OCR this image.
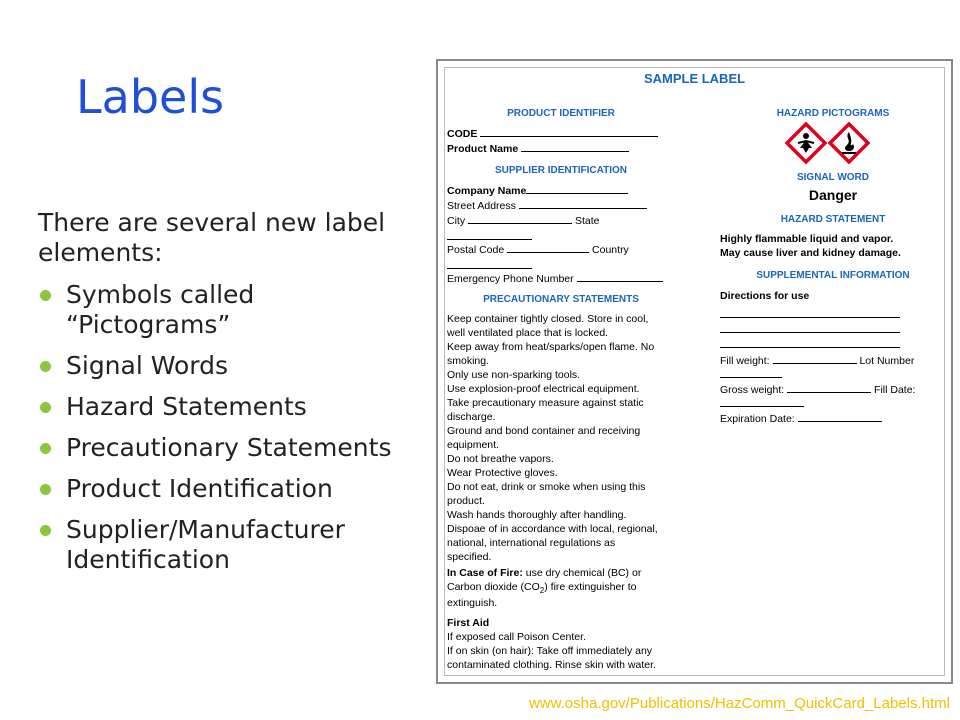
Labels

There are several new label elements:

Symbols called “Pictograms”
Signal Words
Hazard Statements
Precautionary Statements
Product Identification
Supplier/Manufacturer Identification
SAMPLE LABEL
PRODUCT IDENTIFIER
CODE
Product Name
SUPPLIER IDENTIFICATION
Company Name
Street Address
City	State
Postal Code	Country
Emergency Phone Number
PRECAUTIONARY STATEMENTS
Keep container tightly closed. Store in cool,
well ventilated place that is locked.
Keep away from heat/sparks/open flame. No
smoking.
Only use non-sparking tools.
Use explosion-proof electrical equipment.
Take precautionary measure against static
discharge.
Ground and bond container and receiving
equipment.
Do not breathe vapors.
Wear Protective gloves.
Do not eat, drink or smoke when using this
product.
Wash hands thoroughly after handling.
Dispoae of in accordance with local, regional,
national, international regulations as
specified.
In Case of Fire: use dry chemical (BC) or
Carbon dioxide $(CO_2)$ fire extinguisher to
extinguish.
First Aid
If exposed call Poison Center.
If on skin (on hair): Take off immediately any
contaminated clothing. Rinse skin with water.
HAZARD PICTOGRAMS
SIGNAL WORD
Danger
HAZARD STATEMENT
Highly flammable liquid and vapor.
May cause liver and kidney damage.
SUPPLEMENTAL INFORMATION
Directions for use
Fill weight:	Lot Number
Gross weight:	Fill Date:
Expiration Date:
www.osha.gov/Publications/HazComm_QuickCard_Labels.html
